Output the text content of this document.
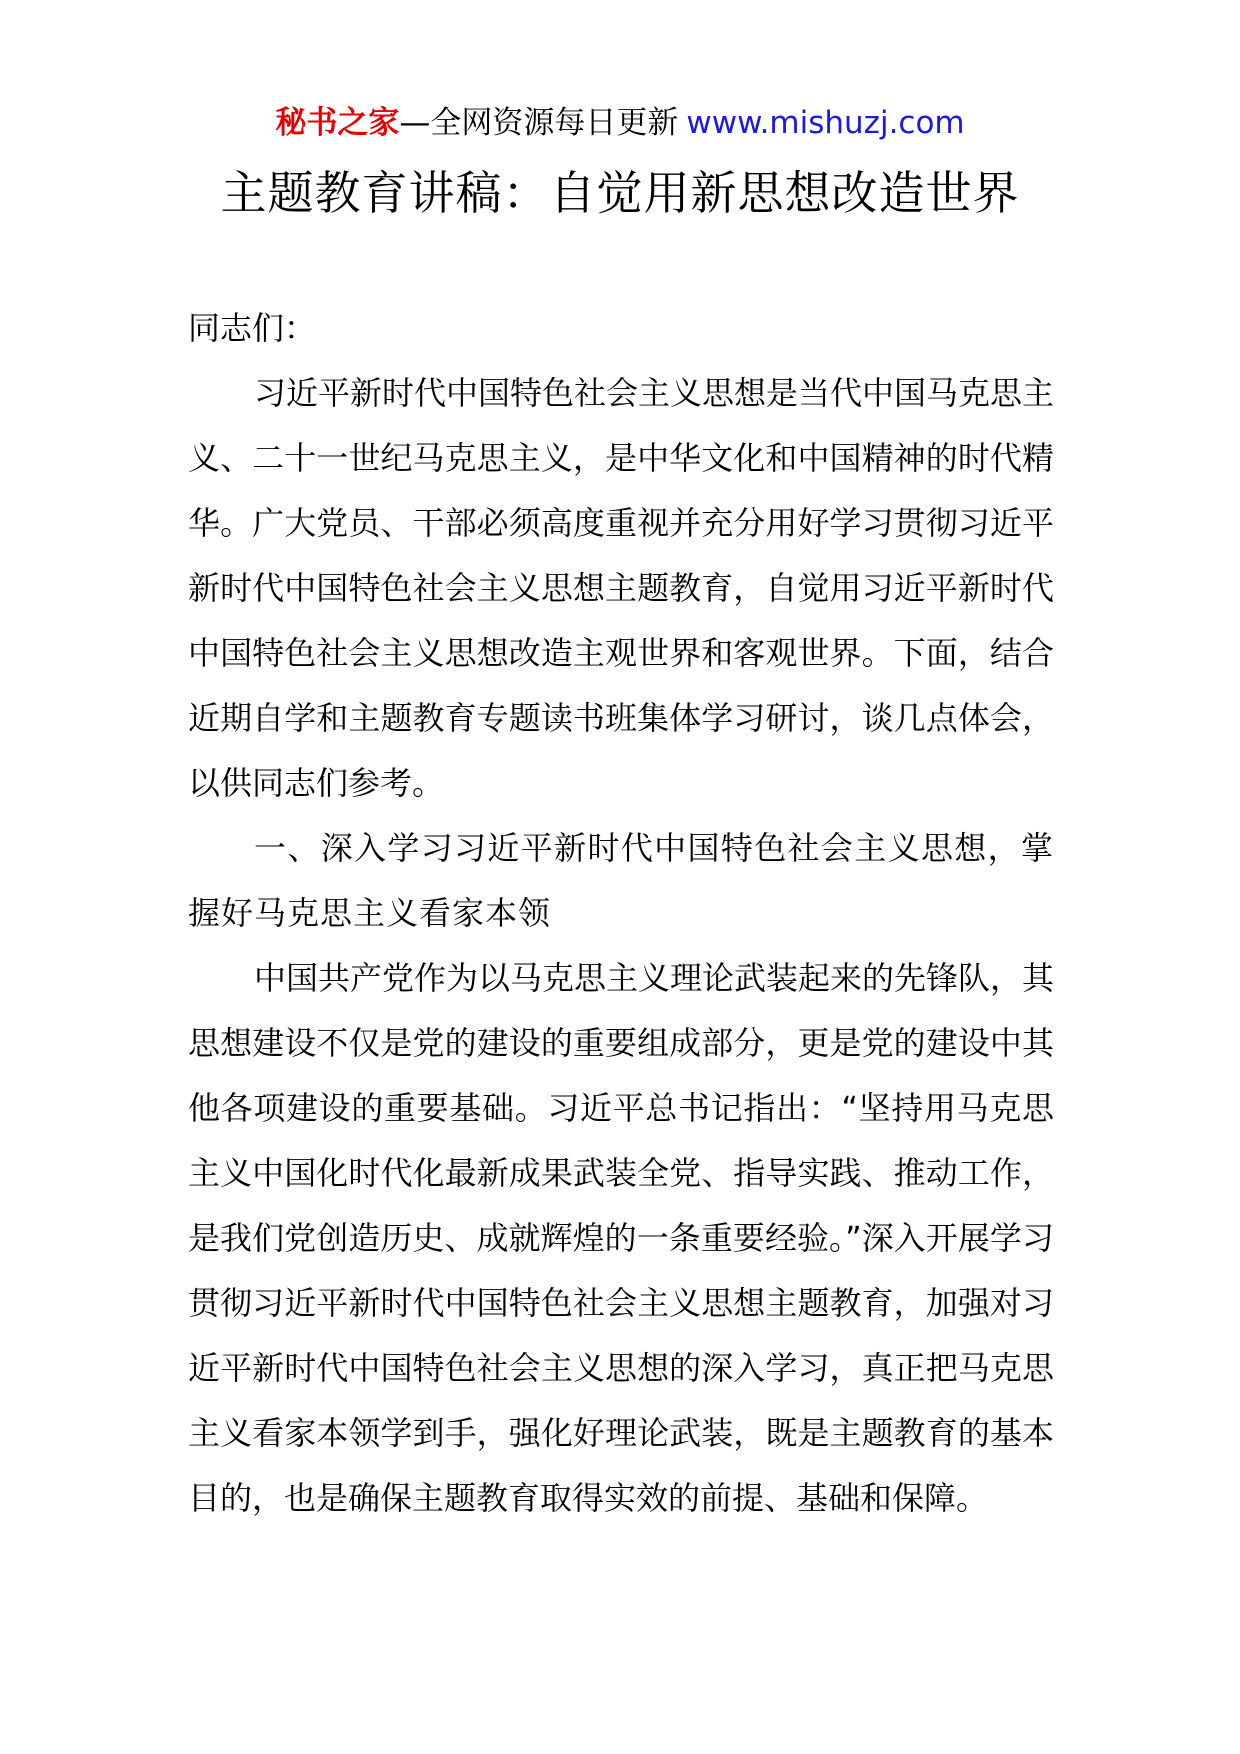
秘书之家—全网资源每日更新 www.mishuzj.com
主题教育讲稿：自觉用新思想改造世界

同志们：

习近平新时代中国特色社会主义思想是当代中国马克思主义、二十一世纪马克思主义，是中华文化和中国精神的时代精华。广大党员、干部必须高度重视并充分用好学习贯彻习近平新时代中国特色社会主义思想主题教育，自觉用习近平新时代中国特色社会主义思想改造主观世界和客观世界。下面，结合近期自学和主题教育专题读书班集体学习研讨，谈几点体会，以供同志们参考。

一、深入学习习近平新时代中国特色社会主义思想，掌握好马克思主义看家本领

中国共产党作为以马克思主义理论武装起来的先锋队，其思想建设不仅是党的建设的重要组成部分，更是党的建设中其他各项建设的重要基础。习近平总书记指出：“坚持用马克思主义中国化时代化最新成果武装全党、指导实践、推动工作，是我们党创造历史、成就辉煌的一条重要经验。”深入开展学习贯彻习近平新时代中国特色社会主义思想主题教育，加强对习近平新时代中国特色社会主义思想的深入学习，真正把马克思主义看家本领学到手，强化好理论武装，既是主题教育的基本目的，也是确保主题教育取得实效的前提、基础和保障。
